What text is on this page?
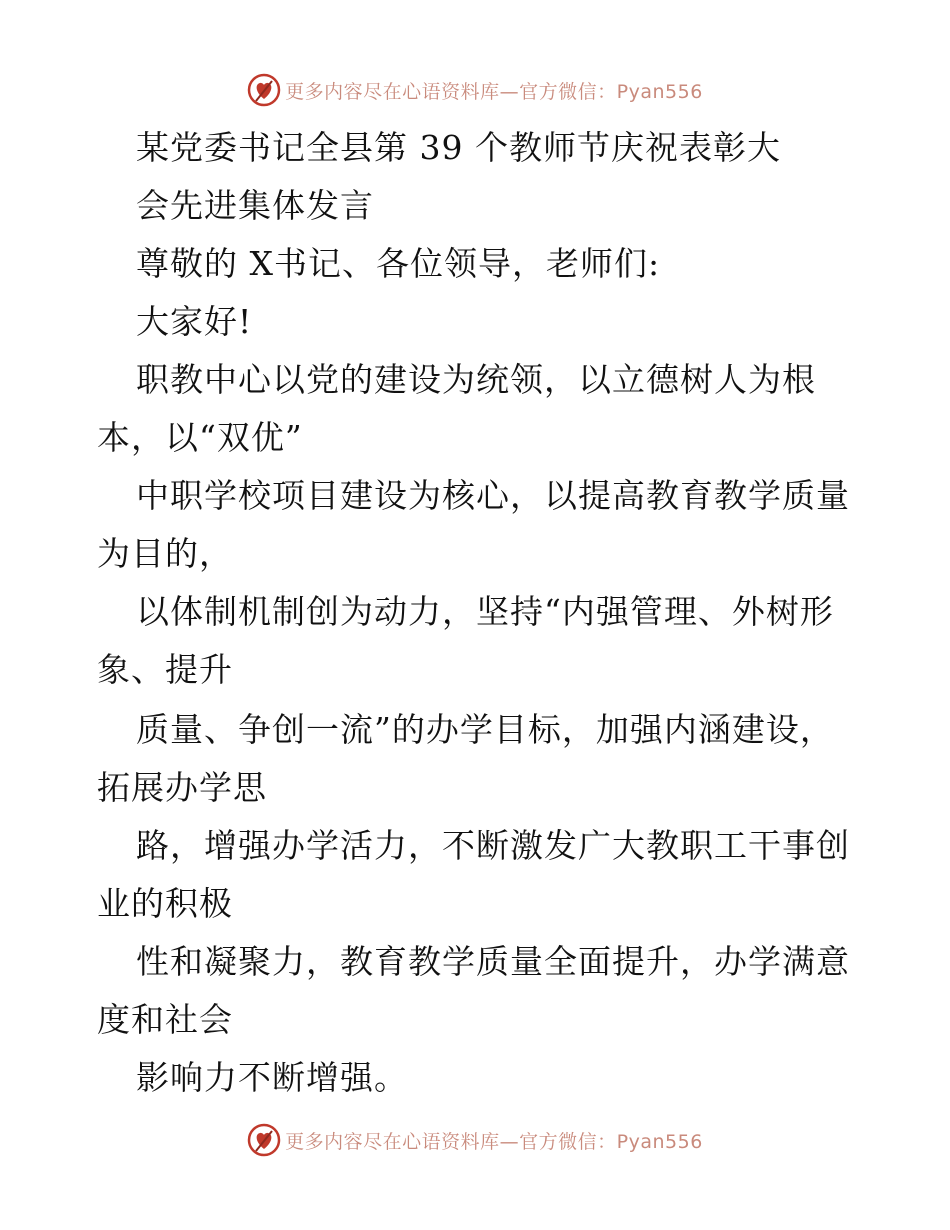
更多内容尽在心语资料库—官方微信：Pyan556
某党委书记全县第 39 个教师节庆祝表彰大
会先进集体发言
尊敬的 X书记、各位领导，老师们:
大家好!
职教中心以党的建设为统领，以立德树人为根
本，以“双优”
中职学校项目建设为核心，以提高教育教学质量
为目的，
以体制机制创为动力，坚持“内强管理、外树形
象、提升
质量、争创一流”的办学目标，加强内涵建设，
拓展办学思
路，增强办学活力，不断激发广大教职工干事创
业的积极
性和凝聚力，教育教学质量全面提升，办学满意
度和社会
影响力不断增强。
更多内容尽在心语资料库—官方微信：Pyan556
